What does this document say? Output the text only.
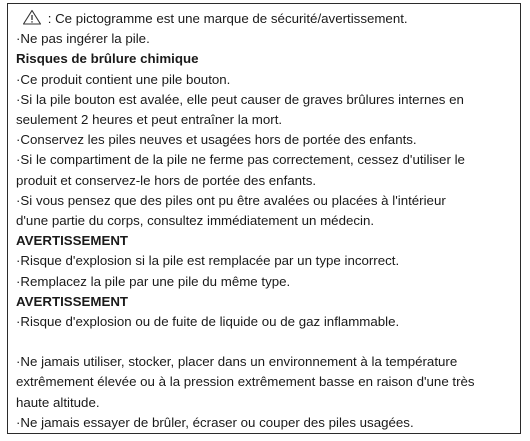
: Ce pictogramme est une marque de sécurité/avertissement.
·Ne pas ingérer la pile.
Risques de brûlure chimique
·Ce produit contient une pile bouton.
·Si la pile bouton est avalée, elle peut causer de graves brûlures internes en
seulement 2 heures et peut entraîner la mort.
·Conservez les piles neuves et usagées hors de portée des enfants.
·Si le compartiment de la pile ne ferme pas correctement, cessez d'utiliser le
produit et conservez-le hors de portée des enfants.
·Si vous pensez que des piles ont pu être avalées ou placées à l'intérieur
d'une partie du corps, consultez immédiatement un médecin.
AVERTISSEMENT
·Risque d'explosion si la pile est remplacée par un type incorrect.
·Remplacez la pile par une pile du même type.
AVERTISSEMENT
·Risque d'explosion ou de fuite de liquide ou de gaz inflammable.
·Ne jamais utiliser, stocker, placer dans un environnement à la température
extrêmement élevée ou à la pression extrêmement basse en raison d'une très
haute altitude.
·Ne jamais essayer de brûler, écraser ou couper des piles usagées.
